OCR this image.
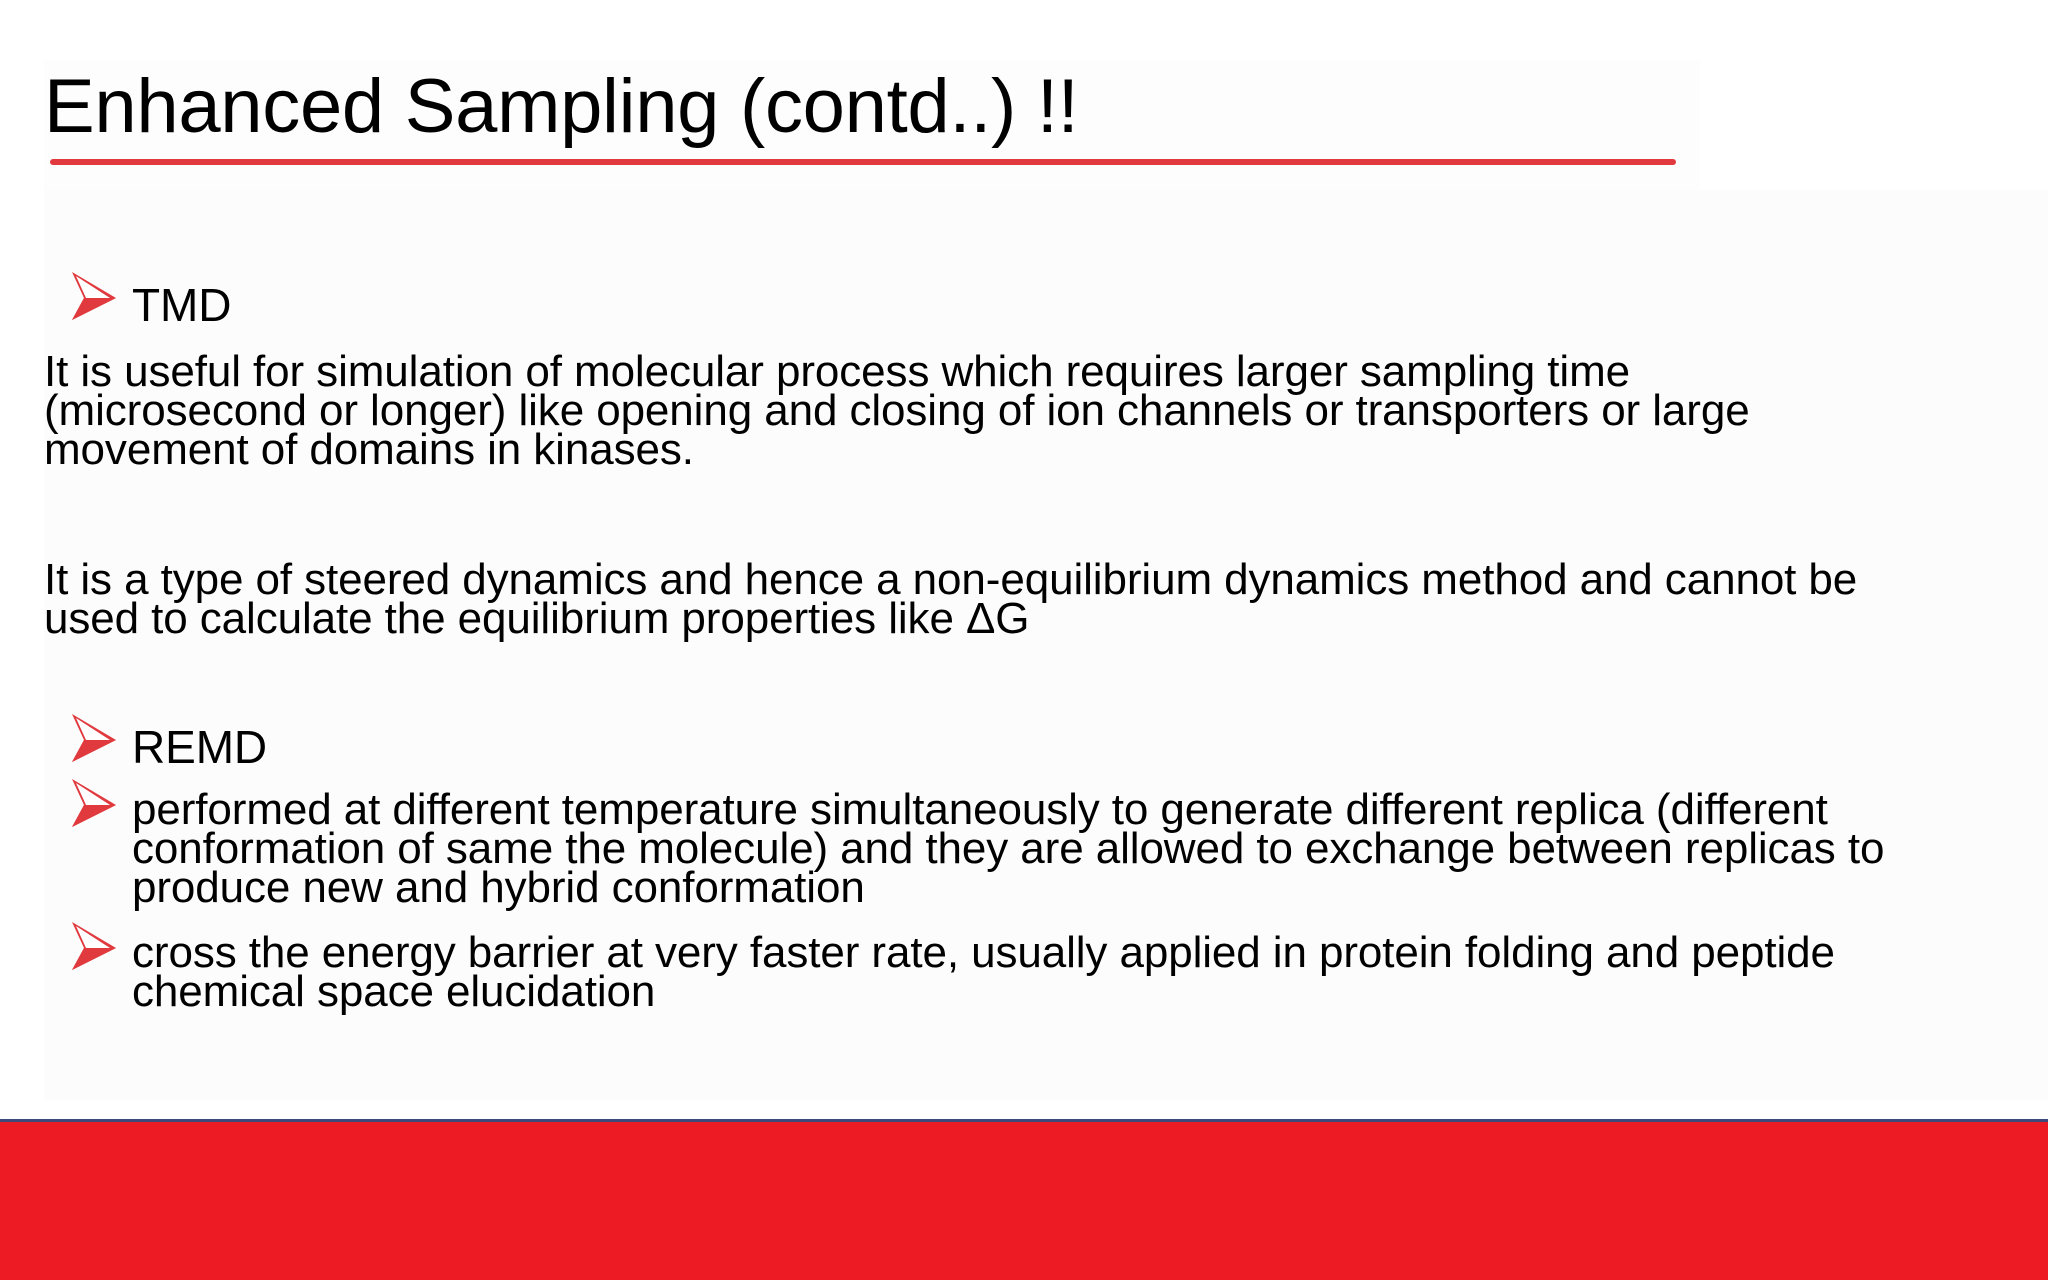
Enhanced Sampling (contd..) !!
TMD
It is useful for simulation of molecular process which requires larger sampling time
(microsecond or longer) like opening and closing of ion channels or transporters or large
movement of domains in kinases.
It is a type of steered dynamics and hence a non-equilibrium dynamics method and cannot be
used to calculate the equilibrium properties like ΔG
REMD
performed at different temperature simultaneously to generate different replica (different
conformation of same the molecule) and they are allowed to exchange between replicas to
produce new and hybrid conformation
cross the energy barrier at very faster rate, usually applied in protein folding and peptide
chemical space elucidation
